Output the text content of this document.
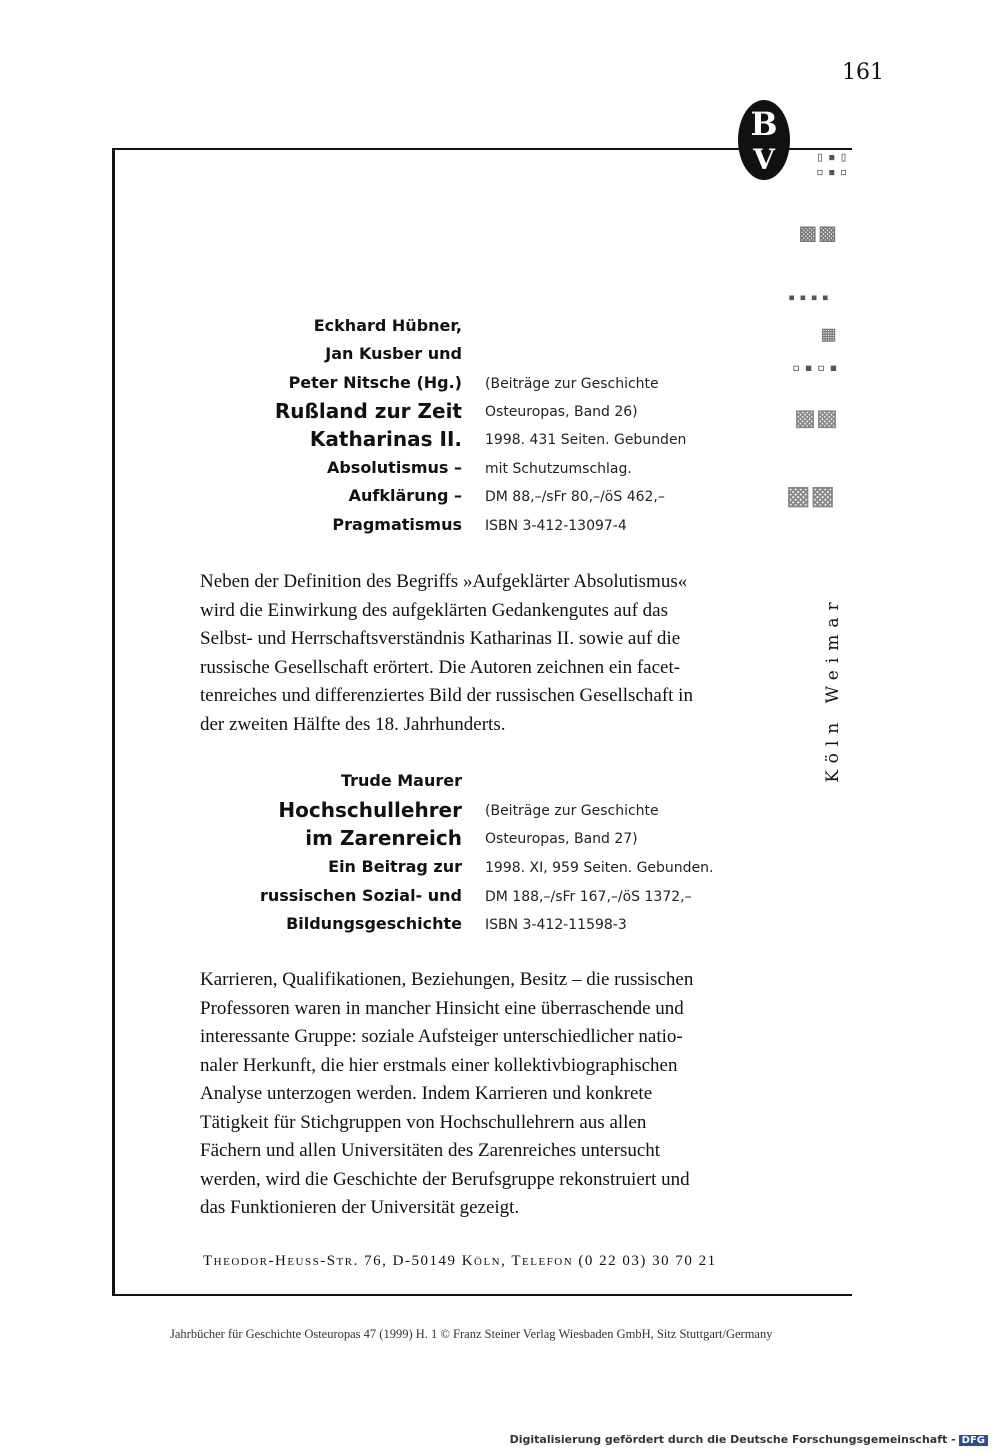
161
B
V	▯▪▯
▫▪▫
▩▩
▪▪▪▪
▦
▫▪▫▪
▩▩
▩▩
Köln Weimar
Eckhard Hübner,
Jan Kusber und
Peter Nitsche (Hg.) (Beiträge zur Geschichte
Rußland zur Zeit Osteuropas, Band 26)
Katharinas II. 1998. 431 Seiten. Gebunden
Absolutismus – mit Schutzumschlag.
Aufklärung – DM 88,–/sFr 80,–/öS 462,–
Pragmatismus ISBN 3-412-13097-4
Neben der Definition des Begriffs »Aufgeklärter Absolutismus«
wird die Einwirkung des aufgeklärten Gedankengutes auf das
Selbst- und Herrschaftsverständnis Katharinas II. sowie auf die
russische Gesellschaft erörtert. Die Autoren zeichnen ein facet-
tenreiches und differenziertes Bild der russischen Gesellschaft in
der zweiten Hälfte des 18. Jahrhunderts.
Trude Maurer
Hochschullehrer (Beiträge zur Geschichte
im Zarenreich Osteuropas, Band 27)
Ein Beitrag zur 1998. XI, 959 Seiten. Gebunden.
russischen Sozial- und DM 188,–/sFr 167,–/öS 1372,–
Bildungsgeschichte ISBN 3-412-11598-3
Karrieren, Qualifikationen, Beziehungen, Besitz – die russischen
Professoren waren in mancher Hinsicht eine überraschende und
interessante Gruppe: soziale Aufsteiger unterschiedlicher natio-
naler Herkunft, die hier erstmals einer kollektivbiographischen
Analyse unterzogen werden. Indem Karrieren und konkrete
Tätigkeit für Stichgruppen von Hochschullehrern aus allen
Fächern und allen Universitäten des Zarenreiches untersucht
werden, wird die Geschichte der Berufsgruppe rekonstruiert und
das Funktionieren der Universität gezeigt.
Theodor-Heuss-Str. 76, D-50149 Köln, Telefon (0 22 03) 30 70 21
Jahrbücher für Geschichte Osteuropas 47 (1999) H. 1 © Franz Steiner Verlag Wiesbaden GmbH, Sitz Stuttgart/Germany
Digitalisierung gefördert durch die Deutsche Forschungsgemeinschaft - DFG
